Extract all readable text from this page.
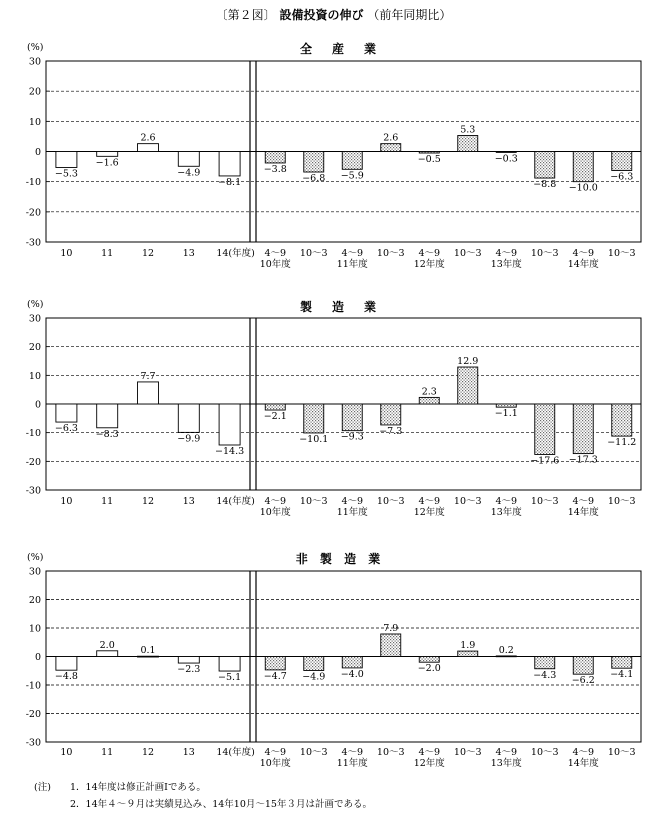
〔第２図〕 設備投資の伸び （前年同期比）
全　産　業
(%)
30
20
10
0
-10
-20
-30
−5.3
10
−1.6
11
2.6
12
−4.9
13
−8.1
14(年度)
−3.8
4〜9
10年度
−6.8
10〜3
−5.9
4〜9
11年度
2.6
10〜3
−0.5
4〜9
12年度
5.3
10〜3
−0.3
4〜9
13年度
−8.8
10〜3
−10.0
4〜9
14年度
−6.3
10〜3
製　造　業
(%)
30
20
10
0
-10
-20
-30
−6.3
10
−8.3
11
7.7
12
−9.9
13
−14.3
14(年度)
−2.1
4〜9
10年度
−10.1
10〜3
−9.3
4〜9
11年度
−7.3
10〜3
2.3
4〜9
12年度
12.9
10〜3
−1.1
4〜9
13年度
−17.6
10〜3
−17.3
4〜9
14年度
−11.2
10〜3
非 製 造 業
(%)
30
20
10
0
-10
-20
-30
−4.8
10
2.0
11
0.1
12
−2.3
13
−5.1
14(年度)
−4.7
4〜9
10年度
−4.9
10〜3
−4.0
4〜9
11年度
7.9
10〜3
−2.0
4〜9
12年度
1.9
10〜3
0.2
4〜9
13年度
−4.3
10〜3
−6.2
4〜9
14年度
−4.1
10〜3
(注) 1．14年度は修正計画Ⅰである。
2．14年４〜９月は実績見込み、14年10月〜15年３月は計画である。
